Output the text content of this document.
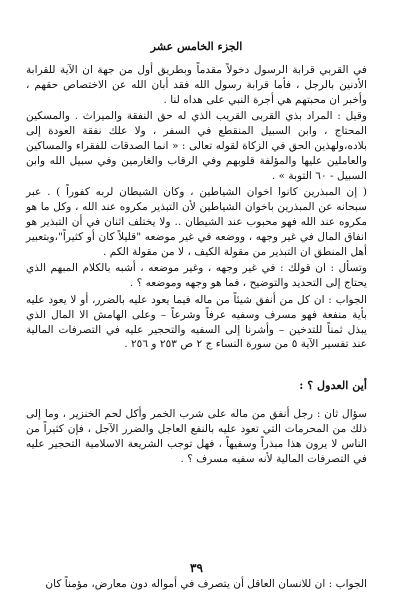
الجزء الخامس عشر

في القربي قرابة الرسول دخولاً مقدماً وبطريق أول من جهة ان الآية للقرابة الأدنين بالرجل ، فأما قرابة رسول الله فقد أبان الله عن الاختصاص حقهم ، وأخبر ان محبتهم هي أجرة النبي على هداه لنا .

وقيل : المراد بذي القربى القريب الذي له حق النفقة والميراث . والمسكين المحتاج ، وابن السبيل المنقطع في السفر ، ولا علك نفقة العودة إلى بلاده،ولهذين الحق في الزكاة لقوله تعالى : « انما الصدقات للفقراء والمساكين والعاملين عليها والمؤلفة قلوبهم وفي الرقاب والغارمين وفي سبيل الله وابن السبيل - ٦٠ التوبة » .

( إن المبذرين كانوا اخوان الشياطين ، وكان الشيطان لربه كفوراً ) . عبر سبحانه عن المبذرين باخوان الشياطين لأن التبذير مكروه عند الله ، وكل ما هو مكروه عند الله فهو محبوب عند الشيطان .. ولا يختلف اثنان في أن التبذير هو انفاق المال في غير وجهه ، ووضعه في غير موضعه "قليلاً كان أو كثيراً"،وبتعبير أهل المنطق ان التبذير من مقولة الكيف ، لا من مقولة الكم .

وتسأل : ان قولك : في غير وجهه ، وغير موضعه ، أشبه بالكلام المبهم الذي يحتاج إلى التحديد والتوضيح ، فما هو وجهه وموضعه ؟ .

الجواب : ان كل من أنفق شيئاً من ماله فيما يعود عليه بالضرر، أو لا يعود عليه بأية منفعة فهو مسرف وسفيه عرفاً وشرعاً – وعلى الهامش الا المال الذي يبذل ثمناً للتدخين – وأشرنا إلى السفيه والتحجير عليه في التصرفات المالية عند تفسير الآية ٥ من سورة النساء ج ٢ ص ٢٥٣ و ٢٥٦ .

أين العدول ؟ :

سؤال ثان : رجل أنفق من ماله على شرب الخمر وأكل لحم الخنزير ، وما إلى ذلك من المحرمات التي تعود عليه بالنفع العاجل والضرر الآجل ، فإن كثيراً من الناس لا يرون هذا مبذراً وسفيهاً ، فهل توجب الشريعة الاسلامية التحجير عليه في التصرفات المالية لأنه سفيه مسرف ؟ .

٣٩
الجواب : ان للانسان العاقل أن يتصرف في أمواله دون معارض، مؤمناً كان
